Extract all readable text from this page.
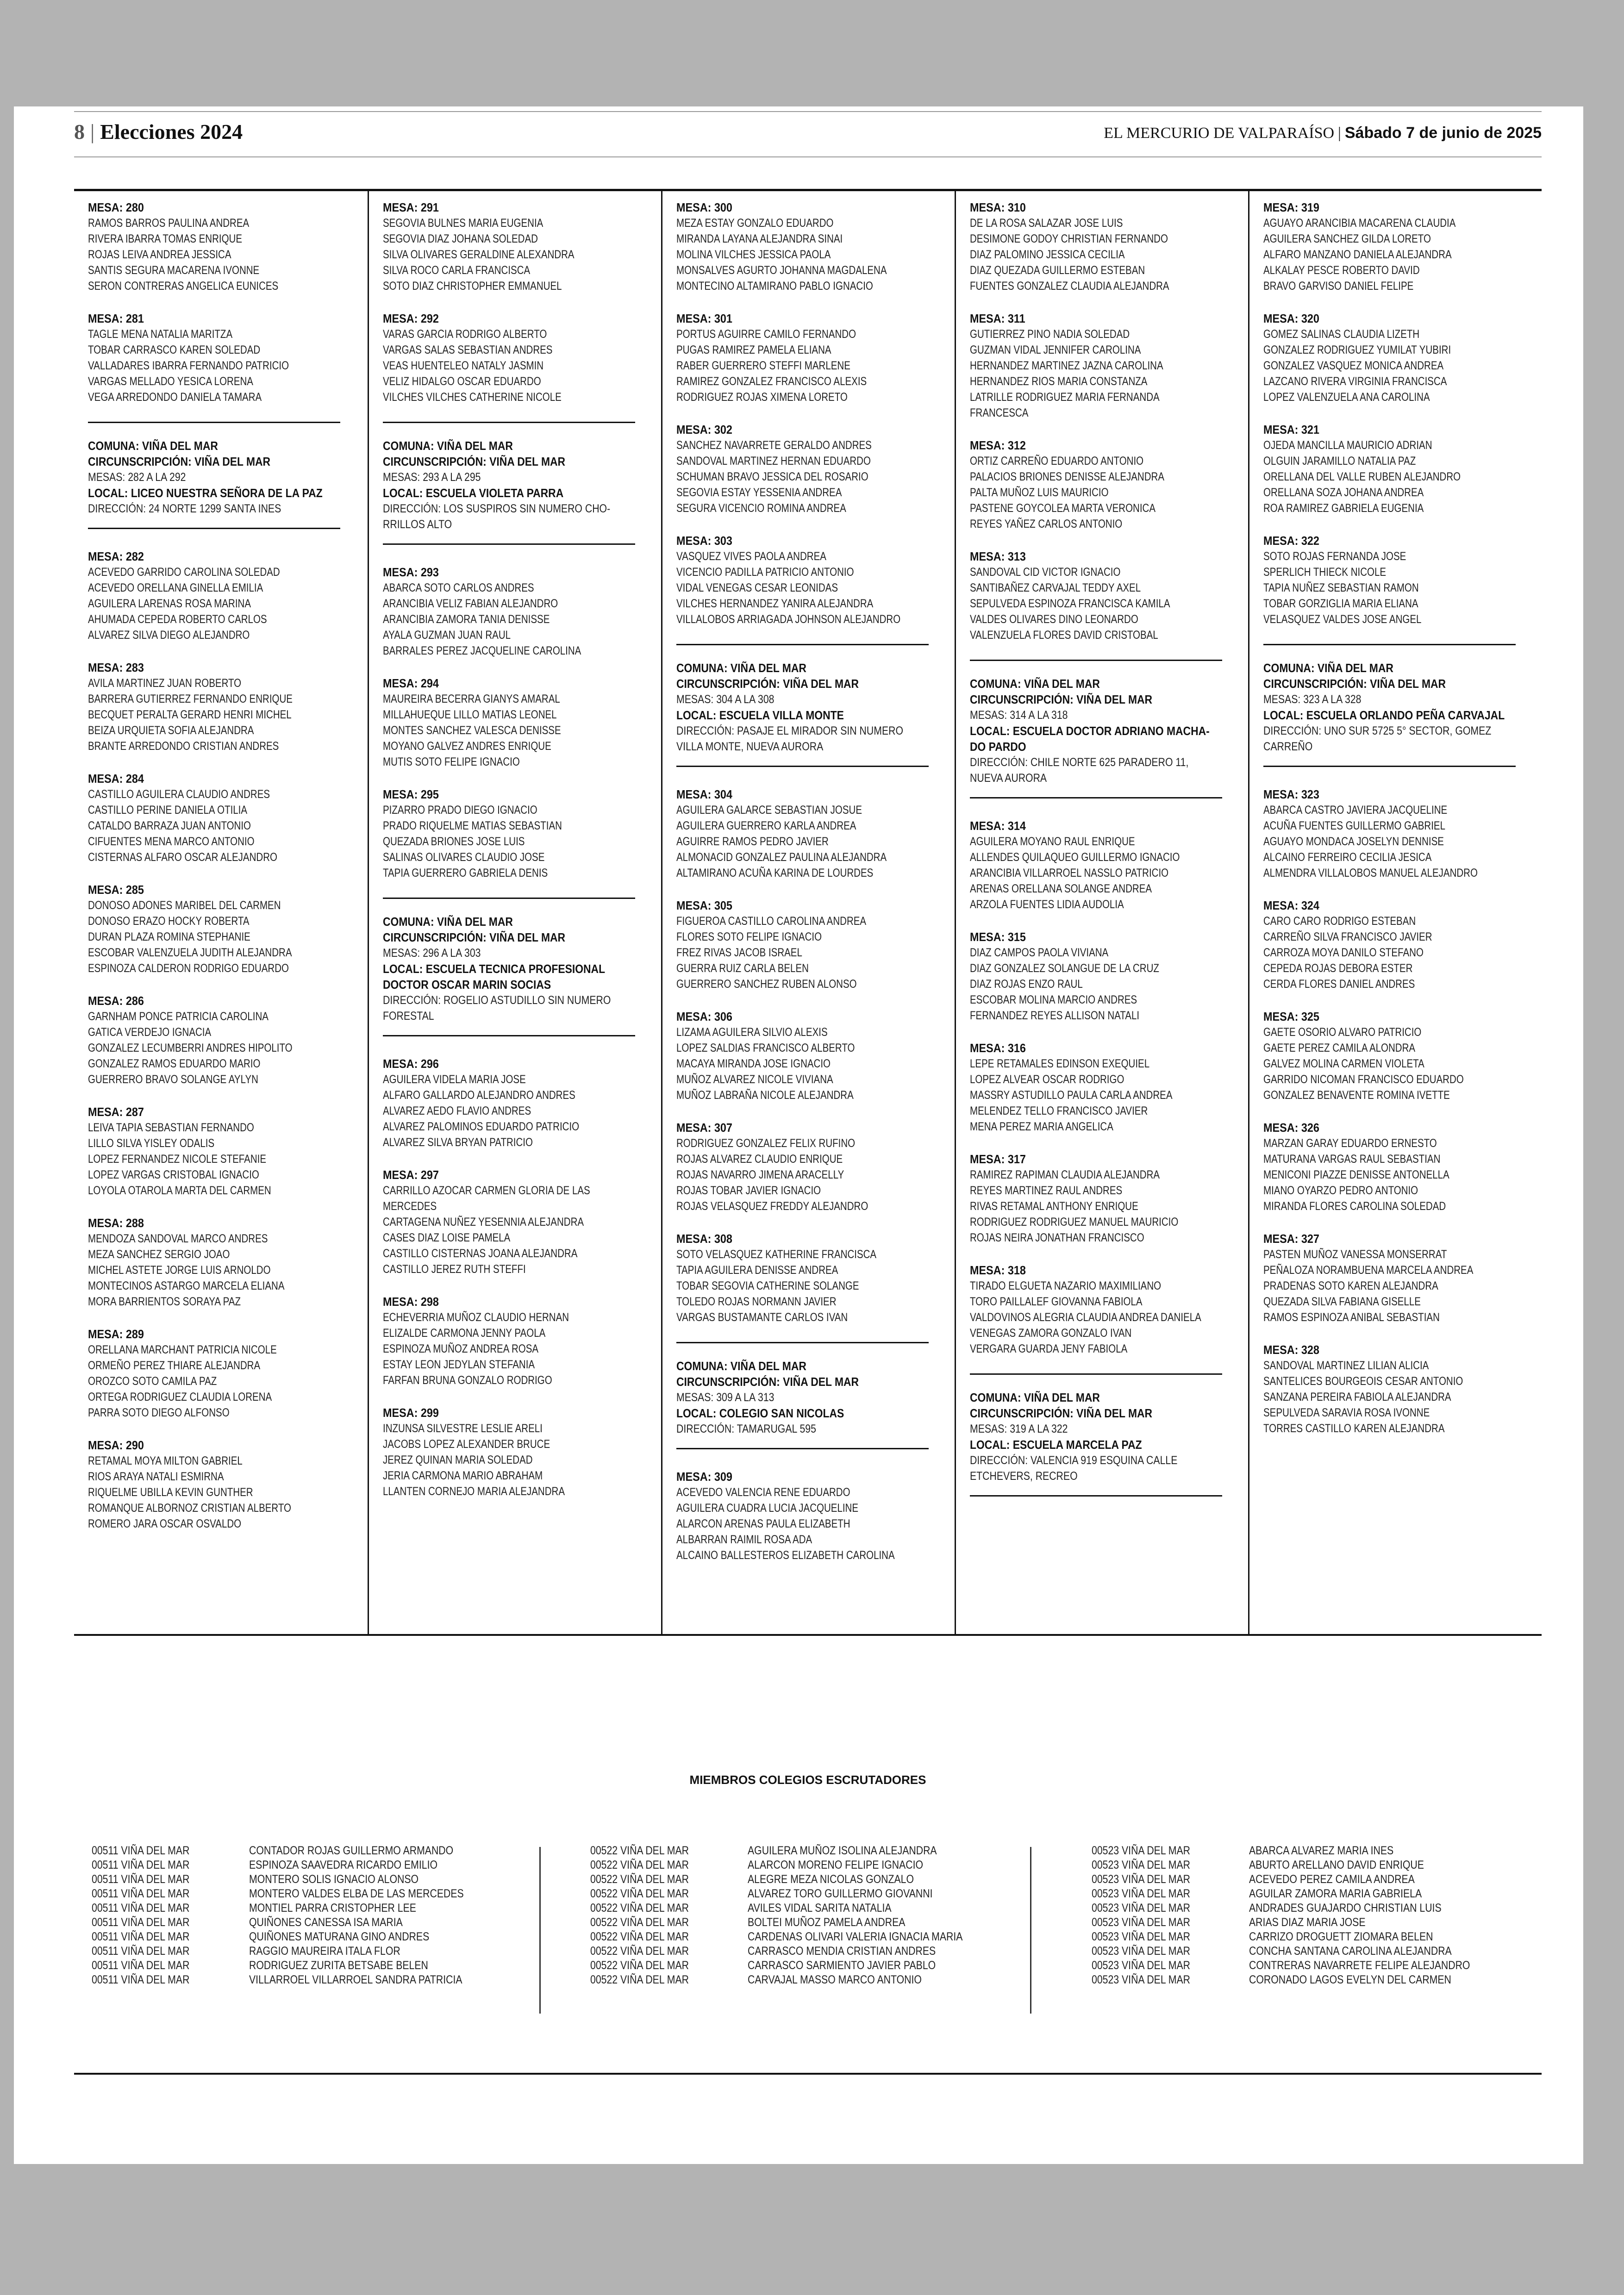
8 | Elecciones 2024	EL MERCURIO DE VALPARAÍSO | Sábado 7 de junio de 2025
MESA: 280
RAMOS BARROS PAULINA ANDREA
RIVERA IBARRA TOMAS ENRIQUE
ROJAS LEIVA ANDREA JESSICA
SANTIS SEGURA MACARENA IVONNE
SERON CONTRERAS ANGELICA EUNICES
MESA: 281
TAGLE MENA NATALIA MARITZA
TOBAR CARRASCO KAREN SOLEDAD
VALLADARES IBARRA FERNANDO PATRICIO
VARGAS MELLADO YESICA LORENA
VEGA ARREDONDO DANIELA TAMARA
COMUNA: VIÑA DEL MAR
CIRCUNSCRIPCIÓN: VIÑA DEL MAR
MESAS: 282 A LA 292
LOCAL: LICEO NUESTRA SEÑORA DE LA PAZ
DIRECCIÓN: 24 NORTE 1299 SANTA INES
MESA: 282
ACEVEDO GARRIDO CAROLINA SOLEDAD
ACEVEDO ORELLANA GINELLA EMILIA
AGUILERA LARENAS ROSA MARINA
AHUMADA CEPEDA ROBERTO CARLOS
ALVAREZ SILVA DIEGO ALEJANDRO
MESA: 283
AVILA MARTINEZ JUAN ROBERTO
BARRERA GUTIERREZ FERNANDO ENRIQUE
BECQUET PERALTA GERARD HENRI MICHEL
BEIZA URQUIETA SOFIA ALEJANDRA
BRANTE ARREDONDO CRISTIAN ANDRES
MESA: 284
CASTILLO AGUILERA CLAUDIO ANDRES
CASTILLO PERINE DANIELA OTILIA
CATALDO BARRAZA JUAN ANTONIO
CIFUENTES MENA MARCO ANTONIO
CISTERNAS ALFARO OSCAR ALEJANDRO
MESA: 285
DONOSO ADONES MARIBEL DEL CARMEN
DONOSO ERAZO HOCKY ROBERTA
DURAN PLAZA ROMINA STEPHANIE
ESCOBAR VALENZUELA JUDITH ALEJANDRA
ESPINOZA CALDERON RODRIGO EDUARDO
MESA: 286
GARNHAM PONCE PATRICIA CAROLINA
GATICA VERDEJO IGNACIA
GONZALEZ LECUMBERRI ANDRES HIPOLITO
GONZALEZ RAMOS EDUARDO MARIO
GUERRERO BRAVO SOLANGE AYLYN
MESA: 287
LEIVA TAPIA SEBASTIAN FERNANDO
LILLO SILVA YISLEY ODALIS
LOPEZ FERNANDEZ NICOLE STEFANIE
LOPEZ VARGAS CRISTOBAL IGNACIO
LOYOLA OTAROLA MARTA DEL CARMEN
MESA: 288
MENDOZA SANDOVAL MARCO ANDRES
MEZA SANCHEZ SERGIO JOAO
MICHEL ASTETE JORGE LUIS ARNOLDO
MONTECINOS ASTARGO MARCELA ELIANA
MORA BARRIENTOS SORAYA PAZ
MESA: 289
ORELLANA MARCHANT PATRICIA NICOLE
ORMEÑO PEREZ THIARE ALEJANDRA
OROZCO SOTO CAMILA PAZ
ORTEGA RODRIGUEZ CLAUDIA LORENA
PARRA SOTO DIEGO ALFONSO
MESA: 290
RETAMAL MOYA MILTON GABRIEL
RIOS ARAYA NATALI ESMIRNA
RIQUELME UBILLA KEVIN GUNTHER
ROMANQUE ALBORNOZ CRISTIAN ALBERTO
ROMERO JARA OSCAR OSVALDO
MESA: 291
SEGOVIA BULNES MARIA EUGENIA
SEGOVIA DIAZ JOHANA SOLEDAD
SILVA OLIVARES GERALDINE ALEXANDRA
SILVA ROCO CARLA FRANCISCA
SOTO DIAZ CHRISTOPHER EMMANUEL
MESA: 292
VARAS GARCIA RODRIGO ALBERTO
VARGAS SALAS SEBASTIAN ANDRES
VEAS HUENTELEO NATALY JASMIN
VELIZ HIDALGO OSCAR EDUARDO
VILCHES VILCHES CATHERINE NICOLE
COMUNA: VIÑA DEL MAR
CIRCUNSCRIPCIÓN: VIÑA DEL MAR
MESAS: 293 A LA 295
LOCAL: ESCUELA VIOLETA PARRA
DIRECCIÓN: LOS SUSPIROS SIN NUMERO CHO-RRILLOS ALTO
MESA: 293
ABARCA SOTO CARLOS ANDRES
ARANCIBIA VELIZ FABIAN ALEJANDRO
ARANCIBIA ZAMORA TANIA DENISSE
AYALA GUZMAN JUAN RAUL
BARRALES PEREZ JACQUELINE CAROLINA
MESA: 294
MAUREIRA BECERRA GIANYS AMARAL
MILLAHUEQUE LILLO MATIAS LEONEL
MONTES SANCHEZ VALESCA DENISSE
MOYANO GALVEZ ANDRES ENRIQUE
MUTIS SOTO FELIPE IGNACIO
MESA: 295
PIZARRO PRADO DIEGO IGNACIO
PRADO RIQUELME MATIAS SEBASTIAN
QUEZADA BRIONES JOSE LUIS
SALINAS OLIVARES CLAUDIO JOSE
TAPIA GUERRERO GABRIELA DENIS
COMUNA: VIÑA DEL MAR
CIRCUNSCRIPCIÓN: VIÑA DEL MAR
MESAS: 296 A LA 303
LOCAL: ESCUELA TECNICA PROFESIONAL DOCTOR OSCAR MARIN SOCIAS
DIRECCIÓN: ROGELIO ASTUDILLO SIN NUMERO FORESTAL
MESA: 296
AGUILERA VIDELA MARIA JOSE
ALFARO GALLARDO ALEJANDRO ANDRES
ALVAREZ AEDO FLAVIO ANDRES
ALVAREZ PALOMINOS EDUARDO PATRICIO
ALVAREZ SILVA BRYAN PATRICIO
MESA: 297
CARRILLO AZOCAR CARMEN GLORIA DE LAS
MERCEDES
CARTAGENA NUÑEZ YESENNIA ALEJANDRA
CASES DIAZ LOISE PAMELA
CASTILLO CISTERNAS JOANA ALEJANDRA
CASTILLO JEREZ RUTH STEFFI
MESA: 298
ECHEVERRIA MUÑOZ CLAUDIO HERNAN
ELIZALDE CARMONA JENNY PAOLA
ESPINOZA MUÑOZ ANDREA ROSA
ESTAY LEON JEDYLAN STEFANIA
FARFAN BRUNA GONZALO RODRIGO
MESA: 299
INZUNSA SILVESTRE LESLIE ARELI
JACOBS LOPEZ ALEXANDER BRUCE
JEREZ QUINAN MARIA SOLEDAD
JERIA CARMONA MARIO ABRAHAM
LLANTEN CORNEJO MARIA ALEJANDRA
MESA: 300
MEZA ESTAY GONZALO EDUARDO
MIRANDA LAYANA ALEJANDRA SINAI
MOLINA VILCHES JESSICA PAOLA
MONSALVES AGURTO JOHANNA MAGDALENA
MONTECINO ALTAMIRANO PABLO IGNACIO
MESA: 301
PORTUS AGUIRRE CAMILO FERNANDO
PUGAS RAMIREZ PAMELA ELIANA
RABER GUERRERO STEFFI MARLENE
RAMIREZ GONZALEZ FRANCISCO ALEXIS
RODRIGUEZ ROJAS XIMENA LORETO
MESA: 302
SANCHEZ NAVARRETE GERALDO ANDRES
SANDOVAL MARTINEZ HERNAN EDUARDO
SCHUMAN BRAVO JESSICA DEL ROSARIO
SEGOVIA ESTAY YESSENIA ANDREA
SEGURA VICENCIO ROMINA ANDREA
MESA: 303
VASQUEZ VIVES PAOLA ANDREA
VICENCIO PADILLA PATRICIO ANTONIO
VIDAL VENEGAS CESAR LEONIDAS
VILCHES HERNANDEZ YANIRA ALEJANDRA
VILLALOBOS ARRIAGADA JOHNSON ALEJANDRO
COMUNA: VIÑA DEL MAR
CIRCUNSCRIPCIÓN: VIÑA DEL MAR
MESAS: 304 A LA 308
LOCAL: ESCUELA VILLA MONTE
DIRECCIÓN: PASAJE EL MIRADOR SIN NUMERO VILLA MONTE, NUEVA AURORA
MESA: 304
AGUILERA GALARCE SEBASTIAN JOSUE
AGUILERA GUERRERO KARLA ANDREA
AGUIRRE RAMOS PEDRO JAVIER
ALMONACID GONZALEZ PAULINA ALEJANDRA
ALTAMIRANO ACUÑA KARINA DE LOURDES
MESA: 305
FIGUEROA CASTILLO CAROLINA ANDREA
FLORES SOTO FELIPE IGNACIO
FREZ RIVAS JACOB ISRAEL
GUERRA RUIZ CARLA BELEN
GUERRERO SANCHEZ RUBEN ALONSO
MESA: 306
LIZAMA AGUILERA SILVIO ALEXIS
LOPEZ SALDIAS FRANCISCO ALBERTO
MACAYA MIRANDA JOSE IGNACIO
MUÑOZ ALVAREZ NICOLE VIVIANA
MUÑOZ LABRAÑA NICOLE ALEJANDRA
MESA: 307
RODRIGUEZ GONZALEZ FELIX RUFINO
ROJAS ALVAREZ CLAUDIO ENRIQUE
ROJAS NAVARRO JIMENA ARACELLY
ROJAS TOBAR JAVIER IGNACIO
ROJAS VELASQUEZ FREDDY ALEJANDRO
MESA: 308
SOTO VELASQUEZ KATHERINE FRANCISCA
TAPIA AGUILERA DENISSE ANDREA
TOBAR SEGOVIA CATHERINE SOLANGE
TOLEDO ROJAS NORMANN JAVIER
VARGAS BUSTAMANTE CARLOS IVAN
COMUNA: VIÑA DEL MAR
CIRCUNSCRIPCIÓN: VIÑA DEL MAR
MESAS: 309 A LA 313
LOCAL: COLEGIO SAN NICOLAS
DIRECCIÓN: TAMARUGAL 595
MESA: 309
ACEVEDO VALENCIA RENE EDUARDO
AGUILERA CUADRA LUCIA JACQUELINE
ALARCON ARENAS PAULA ELIZABETH
ALBARRAN RAIMIL ROSA ADA
ALCAINO BALLESTEROS ELIZABETH CAROLINA
MESA: 310
DE LA ROSA SALAZAR JOSE LUIS
DESIMONE GODOY CHRISTIAN FERNANDO
DIAZ PALOMINO JESSICA CECILIA
DIAZ QUEZADA GUILLERMO ESTEBAN
FUENTES GONZALEZ CLAUDIA ALEJANDRA
MESA: 311
GUTIERREZ PINO NADIA SOLEDAD
GUZMAN VIDAL JENNIFER CAROLINA
HERNANDEZ MARTINEZ JAZNA CAROLINA
HERNANDEZ RIOS MARIA CONSTANZA
LATRILLE RODRIGUEZ MARIA FERNANDA
FRANCESCA
MESA: 312
ORTIZ CARREÑO EDUARDO ANTONIO
PALACIOS BRIONES DENISSE ALEJANDRA
PALTA MUÑOZ LUIS MAURICIO
PASTENE GOYCOLEA MARTA VERONICA
REYES YAÑEZ CARLOS ANTONIO
MESA: 313
SANDOVAL CID VICTOR IGNACIO
SANTIBAÑEZ CARVAJAL TEDDY AXEL
SEPULVEDA ESPINOZA FRANCISCA KAMILA
VALDES OLIVARES DINO LEONARDO
VALENZUELA FLORES DAVID CRISTOBAL
COMUNA: VIÑA DEL MAR
CIRCUNSCRIPCIÓN: VIÑA DEL MAR
MESAS: 314 A LA 318
LOCAL: ESCUELA DOCTOR ADRIANO MACHA-DO PARDO
DIRECCIÓN: CHILE NORTE 625 PARADERO 11, NUEVA AURORA
MESA: 314
AGUILERA MOYANO RAUL ENRIQUE
ALLENDES QUILAQUEO GUILLERMO IGNACIO
ARANCIBIA VILLARROEL NASSLO PATRICIO
ARENAS ORELLANA SOLANGE ANDREA
ARZOLA FUENTES LIDIA AUDOLIA
MESA: 315
DIAZ CAMPOS PAOLA VIVIANA
DIAZ GONZALEZ SOLANGUE DE LA CRUZ
DIAZ ROJAS ENZO RAUL
ESCOBAR MOLINA MARCIO ANDRES
FERNANDEZ REYES ALLISON NATALI
MESA: 316
LEPE RETAMALES EDINSON EXEQUIEL
LOPEZ ALVEAR OSCAR RODRIGO
MASSRY ASTUDILLO PAULA CARLA ANDREA
MELENDEZ TELLO FRANCISCO JAVIER
MENA PEREZ MARIA ANGELICA
MESA: 317
RAMIREZ RAPIMAN CLAUDIA ALEJANDRA
REYES MARTINEZ RAUL ANDRES
RIVAS RETAMAL ANTHONY ENRIQUE
RODRIGUEZ RODRIGUEZ MANUEL MAURICIO
ROJAS NEIRA JONATHAN FRANCISCO
MESA: 318
TIRADO ELGUETA NAZARIO MAXIMILIANO
TORO PAILLALEF GIOVANNA FABIOLA
VALDOVINOS ALEGRIA CLAUDIA ANDREA DANIELA
VENEGAS ZAMORA GONZALO IVAN
VERGARA GUARDA JENY FABIOLA
COMUNA: VIÑA DEL MAR
CIRCUNSCRIPCIÓN: VIÑA DEL MAR
MESAS: 319 A LA 322
LOCAL: ESCUELA MARCELA PAZ
DIRECCIÓN: VALENCIA 919 ESQUINA CALLE ETCHEVERS, RECREO
MESA: 319
AGUAYO ARANCIBIA MACARENA CLAUDIA
AGUILERA SANCHEZ GILDA LORETO
ALFARO MANZANO DANIELA ALEJANDRA
ALKALAY PESCE ROBERTO DAVID
BRAVO GARVISO DANIEL FELIPE
MESA: 320
GOMEZ SALINAS CLAUDIA LIZETH
GONZALEZ RODRIGUEZ YUMILAT YUBIRI
GONZALEZ VASQUEZ MONICA ANDREA
LAZCANO RIVERA VIRGINIA FRANCISCA
LOPEZ VALENZUELA ANA CAROLINA
MESA: 321
OJEDA MANCILLA MAURICIO ADRIAN
OLGUIN JARAMILLO NATALIA PAZ
ORELLANA DEL VALLE RUBEN ALEJANDRO
ORELLANA SOZA JOHANA ANDREA
ROA RAMIREZ GABRIELA EUGENIA
MESA: 322
SOTO ROJAS FERNANDA JOSE
SPERLICH THIECK NICOLE
TAPIA NUÑEZ SEBASTIAN RAMON
TOBAR GORZIGLIA MARIA ELIANA
VELASQUEZ VALDES JOSE ANGEL
COMUNA: VIÑA DEL MAR
CIRCUNSCRIPCIÓN: VIÑA DEL MAR
MESAS: 323 A LA 328
LOCAL: ESCUELA ORLANDO PEÑA CARVAJAL
DIRECCIÓN: UNO SUR 5725 5° SECTOR, GOMEZ CARREÑO
MESA: 323
ABARCA CASTRO JAVIERA JACQUELINE
ACUÑA FUENTES GUILLERMO GABRIEL
AGUAYO MONDACA JOSELYN DENNISE
ALCAINO FERREIRO CECILIA JESICA
ALMENDRA VILLALOBOS MANUEL ALEJANDRO
MESA: 324
CARO CARO RODRIGO ESTEBAN
CARREÑO SILVA FRANCISCO JAVIER
CARROZA MOYA DANILO STEFANO
CEPEDA ROJAS DEBORA ESTER
CERDA FLORES DANIEL ANDRES
MESA: 325
GAETE OSORIO ALVARO PATRICIO
GAETE PEREZ CAMILA ALONDRA
GALVEZ MOLINA CARMEN VIOLETA
GARRIDO NICOMAN FRANCISCO EDUARDO
GONZALEZ BENAVENTE ROMINA IVETTE
MESA: 326
MARZAN GARAY EDUARDO ERNESTO
MATURANA VARGAS RAUL SEBASTIAN
MENICONI PIAZZE DENISSE ANTONELLA
MIANO OYARZO PEDRO ANTONIO
MIRANDA FLORES CAROLINA SOLEDAD
MESA: 327
PASTEN MUÑOZ VANESSA MONSERRAT
PEÑALOZA NORAMBUENA MARCELA ANDREA
PRADENAS SOTO KAREN ALEJANDRA
QUEZADA SILVA FABIANA GISELLE
RAMOS ESPINOZA ANIBAL SEBASTIAN
MESA: 328
SANDOVAL MARTINEZ LILIAN ALICIA
SANTELICES BOURGEOIS CESAR ANTONIO
SANZANA PEREIRA FABIOLA ALEJANDRA
SEPULVEDA SARAVIA ROSA IVONNE
TORRES CASTILLO KAREN ALEJANDRA
MIEMBROS COLEGIOS ESCRUTADORES
00511 VIÑA DEL MAR	CONTADOR ROJAS GUILLERMO ARMANDO
00511 VIÑA DEL MAR	ESPINOZA SAAVEDRA RICARDO EMILIO
00511 VIÑA DEL MAR	MONTERO SOLIS IGNACIO ALONSO
00511 VIÑA DEL MAR	MONTERO VALDES ELBA DE LAS MERCEDES
00511 VIÑA DEL MAR	MONTIEL PARRA CRISTOPHER LEE
00511 VIÑA DEL MAR	QUIÑONES CANESSA ISA MARIA
00511 VIÑA DEL MAR	QUIÑONES MATURANA GINO ANDRES
00511 VIÑA DEL MAR	RAGGIO MAUREIRA ITALA FLOR
00511 VIÑA DEL MAR	RODRIGUEZ ZURITA BETSABE BELEN
00511 VIÑA DEL MAR	VILLARROEL VILLARROEL SANDRA PATRICIA
00522 VIÑA DEL MAR	AGUILERA MUÑOZ ISOLINA ALEJANDRA
00522 VIÑA DEL MAR	ALARCON MORENO FELIPE IGNACIO
00522 VIÑA DEL MAR	ALEGRE MEZA NICOLAS GONZALO
00522 VIÑA DEL MAR	ALVAREZ TORO GUILLERMO GIOVANNI
00522 VIÑA DEL MAR	AVILES VIDAL SARITA NATALIA
00522 VIÑA DEL MAR	BOLTEI MUÑOZ PAMELA ANDREA
00522 VIÑA DEL MAR	CARDENAS OLIVARI VALERIA IGNACIA MARIA
00522 VIÑA DEL MAR	CARRASCO MENDIA CRISTIAN ANDRES
00522 VIÑA DEL MAR	CARRASCO SARMIENTO JAVIER PABLO
00522 VIÑA DEL MAR	CARVAJAL MASSO MARCO ANTONIO
00523 VIÑA DEL MAR	ABARCA ALVAREZ MARIA INES
00523 VIÑA DEL MAR	ABURTO ARELLANO DAVID ENRIQUE
00523 VIÑA DEL MAR	ACEVEDO PEREZ CAMILA ANDREA
00523 VIÑA DEL MAR	AGUILAR ZAMORA MARIA GABRIELA
00523 VIÑA DEL MAR	ANDRADES GUAJARDO CHRISTIAN LUIS
00523 VIÑA DEL MAR	ARIAS DIAZ MARIA JOSE
00523 VIÑA DEL MAR	CARRIZO DROGUETT ZIOMARA BELEN
00523 VIÑA DEL MAR	CONCHA SANTANA CAROLINA ALEJANDRA
00523 VIÑA DEL MAR	CONTRERAS NAVARRETE FELIPE ALEJANDRO
00523 VIÑA DEL MAR	CORONADO LAGOS EVELYN DEL CARMEN
